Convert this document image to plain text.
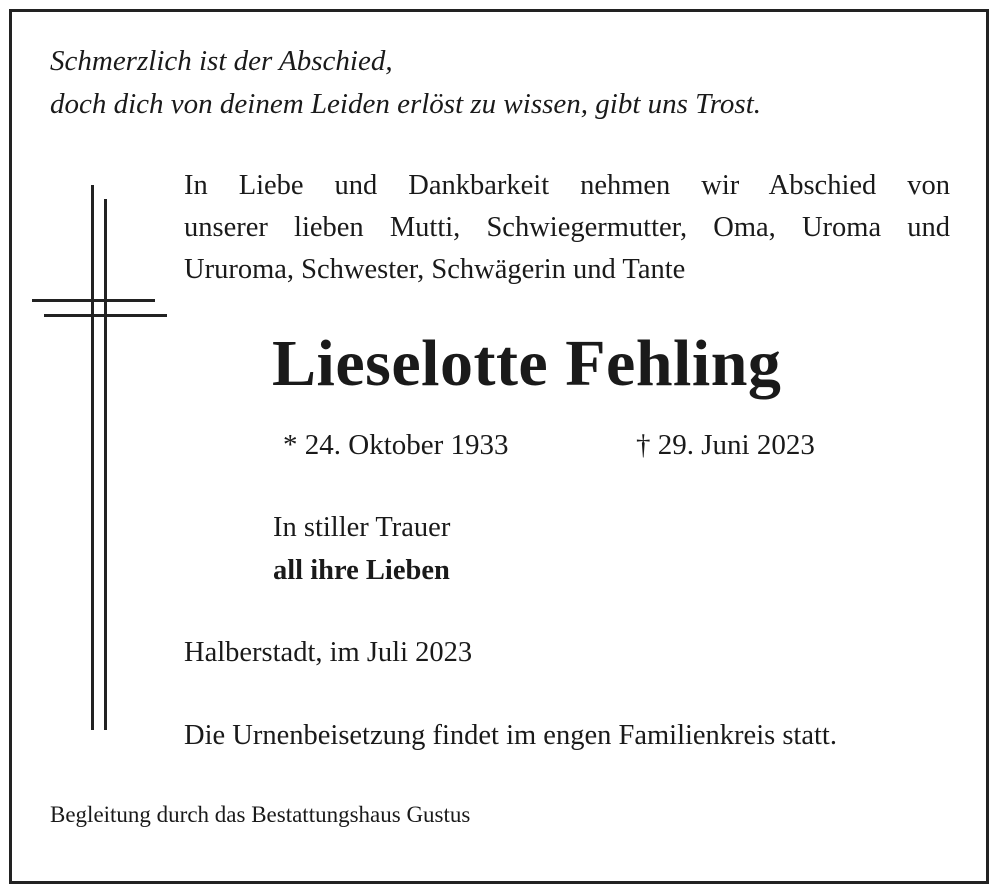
Schmerzlich ist der Abschied,

doch dich von deinem Leiden erlöst zu wissen, gibt uns Trost.

In Liebe und Dankbarkeit nehmen wir Abschied von
unserer lieben Mutti, Schwiegermutter, Oma, Uroma und
Ururoma, Schwester, Schwägerin und Tante
Lieselotte Fehling

* 24. Oktober 1933	† 29. Juni 2023

In stiller Trauer

all ihre Lieben

Halberstadt, im Juli 2023

Die Urnenbeisetzung findet im engen Familienkreis statt.

Begleitung durch das Bestattungshaus Gustus
